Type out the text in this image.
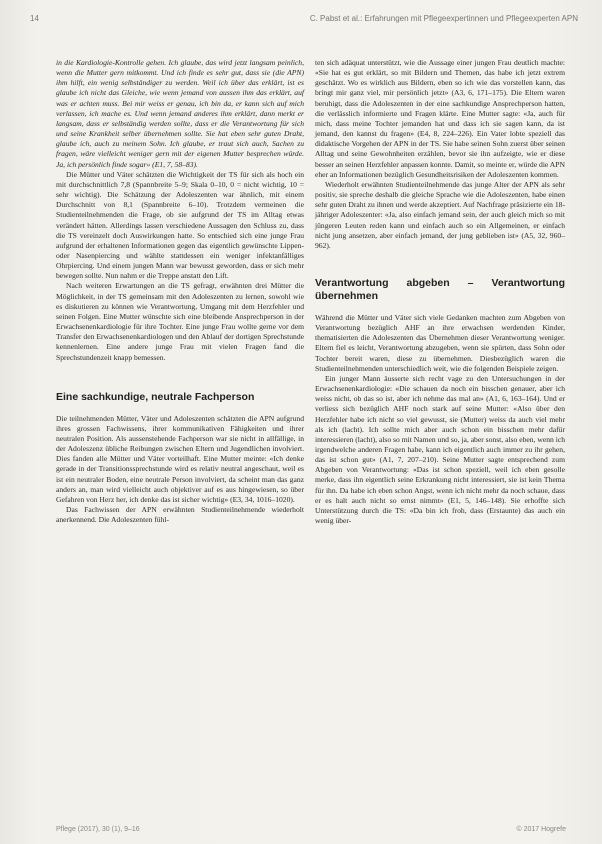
14	C. Pabst et al.: Erfahrungen mit Pflegeexpertinnen und Pflegeexperten APN

in die Kardiologie-Kontrolle gehen. Ich glaube, das wird jetzt langsam peinlich, wenn die Mutter gern mitkommt. Und ich finde es sehr gut, dass sie (die APN) ihm hilft, ein wenig selbständiger zu werden. Weil ich über das erklärt, ist es glaube ich nicht das Gleiche, wie wenn jemand von aussen ihm das erklärt, auf was er achten muss. Bei mir weiss er genau, ich bin da, er kann sich auf mich verlassen, ich mache es. Und wenn jemand anderes ihm erklärt, dann merkt er langsam, dass er selbständig werden sollte, dass er die Verantwortung für sich und seine Krankheit selber übernehmen sollte. Sie hat eben sehr guten Draht, glaube ich, auch zu meinem Sohn. Ich glaube, er traut sich auch, Sachen zu fragen, wäre vielleicht weniger gern mit der eigenen Mutter besprechen würde. Ja, ich persönlich finde sogar» (E1, 7, 58–83).

Die Mütter und Väter schätzten die Wichtigkeit der TS für sich als hoch ein mit durchschnittlich 7,8 (Spannbreite 5–9; Skala 0–10, 0 = nicht wichtig, 10 = sehr wichtig). Die Schätzung der Adoleszenten war ähnlich, mit einem Durchschnitt von 8,1 (Spannbreite 6–10). Trotzdem vermeinen die Studienteilnehmenden die Frage, ob sie aufgrund der TS im Alltag etwas verändert hätten. Allerdings lassen verschiedene Aussagen den Schluss zu, dass die TS vereinzelt doch Auswirkungen hatte. So entschied sich eine junge Frau aufgrund der erhaltenen Informationen gegen das eigentlich gewünschte Lippen- oder Nasenpiercing und wählte stattdessen ein weniger infektanfälliges Ohrpiercing. Und einem jungen Mann war bewusst geworden, dass er sich mehr bewegen sollte. Nun nahm er die Treppe anstatt den Lift.

Nach weiteren Erwartungen an die TS gefragt, erwähnten drei Mütter die Möglichkeit, in der TS gemeinsam mit den Adoleszenten zu lernen, sowohl wie es diskutieren zu können wie Verantwortung, Umgang mit dem Herzfehler und seinen Folgen. Eine Mutter wünschte sich eine bleibende Ansprechperson in der Erwachsenenkardiologie für ihre Tochter. Eine junge Frau wollte gerne vor dem Transfer den Erwachsenenkardiologen und den Ablauf der dortigen Sprechstunde kennenlernen. Eine andere junge Frau mit vielen Fragen fand die Sprechstundenzeit knapp bemessen.

Eine sachkundige, neutrale Fachperson

Die teilnehmenden Mütter, Väter und Adoleszenten schätzten die APN aufgrund ihres grossen Fachwissens, ihrer kommunikativen Fähigkeiten und ihrer neutralen Position. Als aussenstehende Fachperson war sie nicht in allfällige, in der Adoleszenz übliche Reibungen zwischen Eltern und Jugendlichen involviert. Dies fanden alle Mütter und Väter vorteilhaft. Eine Mutter meinte: «Ich denke gerade in der Transitionssprechstunde wird es relativ neutral angeschaut, weil es ist ein neutraler Boden, eine neutrale Person involviert, da scheint man das ganz anders an, man wird vielleicht auch objektiver auf es aus hingewiesen, so über Gefahren von Herz her, ich denke das ist sicher wichtig» (E3, 34, 1016–1020).

Das Fachwissen der APN erwähnten Studienteilnehmende wiederholt anerkennend. Die Adoleszenten fühl-

ten sich adäquat unterstützt, wie die Aussage einer jungen Frau deutlich machte: «Sie hat es gut erklärt, so mit Bildern und Themen, das habe ich jetzt extrem geschätzt. Wo es wirklich aus Bildern, eben so ich wie das vorstellen kann, das bringt mir ganz viel, mir persönlich jetzt» (A3, 6, 171–175). Die Eltern waren beruhigt, dass die Adoleszenten in der eine sachkundige Ansprechperson hatten, die verlässlich informierte und Fragen klärte. Eine Mutter sagte: «Ja, auch für mich, dass meine Tochter jemanden hat und dass ich sie sagen kann, da ist jemand, den kannst du fragen» (E4, 8, 224–226). Ein Vater lobte speziell das didaktische Vorgehen der APN in der TS. Sie habe seinen Sohn zuerst über seinen Alltag und seine Gewohnheiten erzählen, bevor sie ihn aufzeigte, wie er diese besser an seinen Herzfehler anpassen konnte. Damit, so meinte er, würde die APN eher an Informationen bezüglich Gesundheitsrisiken der Adoleszenten kommen.

Wiederholt erwähnten Studienteilnehmende das junge Alter der APN als sehr positiv, sie spreche deshalb die gleiche Sprache wie die Adoleszenten, habe einen sehr guten Draht zu ihnen und werde akzeptiert. Auf Nachfrage präsizierte ein 18-jähriger Adoleszenter: «Ja, also einfach jemand sein, der auch gleich mich so mit jüngeren Leuten reden kann und einfach auch so ein Allgemeinen, er einfach nicht jung ansetzen, aber einfach jemand, der jung geblieben ist» (A5, 32, 960–962).

Verantwortung abgeben – Verantwortung übernehmen

Während die Mütter und Väter sich viele Gedanken machten zum Abgeben von Verantwortung bezüglich AHF an ihre erwachsen werdenden Kinder, thematisierten die Adoleszenten das Übernehmen dieser Verantwortung weniger. Eltern fiel es leicht, Verantwortung abzugeben, wenn sie spürten, dass Sohn oder Tochter bereit waren, diese zu übernehmen. Diesbezüglich waren die Studienteilnehmenden unterschiedlich weit, wie die folgenden Beispiele zeigen.

Ein junger Mann äusserte sich recht vage zu den Untersuchungen in der Erwachsenenkardiologie: «Die schauen da noch ein bisschen genauer, aber ich weiss nicht, ob das so ist, aber ich nehme das mal an» (A1, 6, 163–164). Und er verliess sich bezüglich AHF noch stark auf seine Mutter: «Also über den Herzfehler habe ich nicht so viel gewusst, sie (Mutter) weiss da auch viel mehr als ich (lacht). Ich sollte mich aber auch schon ein bisschen mehr dafür interessieren (lacht), also so mit Namen und so, ja, aber sonst, also eben, wenn ich irgendwelche anderen Fragen habe, kann ich eigentlich auch immer zu ihr gehen, das ist schon gut» (A1, 7, 207–210). Seine Mutter sagte entsprechend zum Abgeben von Verantwortung: «Das ist schon speziell, weil ich eben gesolle merke, dass ihn eigentlich seine Erkrankung nicht interessiert, sie ist kein Thema für ihn. Da habe ich eben schon Angst, wenn ich nicht mehr da noch schaue, dass er es halt auch nicht so ernst nimmt» (E1, 5, 146–148). Sie erhoffte sich Unterstützung durch die TS: «Da bin ich froh, dass (Erstaunte) das auch ein wenig über-

Pflege (2017), 30 (1), 9–16	© 2017 Hogrefe
